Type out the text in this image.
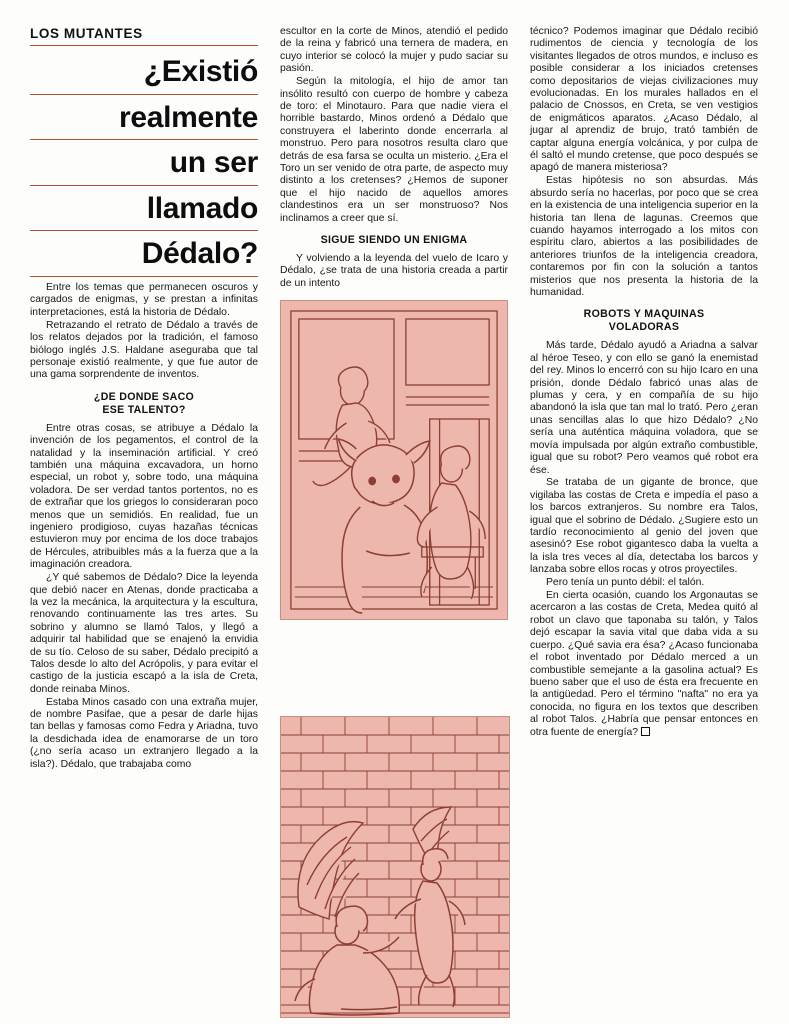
LOS MUTANTES
¿Existió
realmente
un ser
llamado
Dédalo?

Entre los temas que permanecen oscuros y cargados de enigmas, y se prestan a infinitas interpretaciones, está la historia de Dédalo.

Retrazando el retrato de Dédalo a través de los relatos dejados por la tradición, el famoso biólogo inglés J.S. Haldane aseguraba que tal personaje existió realmente, y que fue autor de una gama sorprendente de inventos.

¿DE DONDE SACO
ESE TALENTO?

Entre otras cosas, se atribuye a Dédalo la invención de los pegamentos, el control de la natalidad y la inseminación artificial. Y creó también una máquina excavadora, un horno especial, un robot y, sobre todo, una máquina voladora. De ser verdad tantos portentos, no es de extrañar que los griegos lo consideraran poco menos que un semidiós. En realidad, fue un ingeniero prodigioso, cuyas hazañas técnicas estuvieron muy por encima de los doce trabajos de Hércules, atribuibles más a la fuerza que a la imaginación creadora.

¿Y qué sabemos de Dédalo? Dice la leyenda que debió nacer en Atenas, donde practicaba a la vez la mecánica, la arquitectura y la escultura, renovando continuamente las tres artes. Su sobrino y alumno se llamó Talos, y llegó a adquirir tal habilidad que se enajenó la envidia de su tío. Celoso de su saber, Dédalo precipitó a Talos desde lo alto del Acrópolis, y para evitar el castigo de la justicia escapó a la isla de Creta, donde reinaba Minos.

Estaba Minos casado con una extraña mujer, de nombre Pasifae, que a pesar de darle hijas tan bellas y famosas como Fedra y Ariadna, tuvo la desdichada idea de enamorarse de un toro (¿no sería acaso un extranjero llegado a la isla?). Dédalo, que trabajaba como

escultor en la corte de Minos, atendió el pedido de la reina y fabricó una ternera de madera, en cuyo interior se colocó la mujer y pudo saciar su pasión.

Según la mitología, el hijo de amor tan insólito resultó con cuerpo de hombre y cabeza de toro: el Minotauro. Para que nadie viera el horrible bastardo, Minos ordenó a Dédalo que construyera el laberinto donde encerrarla al monstruo. Pero para nosotros resulta claro que detrás de esa farsa se oculta un misterio. ¿Era el Toro un ser venido de otra parte, de aspecto muy distinto a los cretenses? ¿Hemos de suponer que el hijo nacido de aquellos amores clandestinos era un ser monstruoso? Nos inclinamos a creer que sí.

SIGUE SIENDO UN ENIGMA

Y volviendo a la leyenda del vuelo de Icaro y Dédalo, ¿se trata de una historia creada a partir de un intento

técnico? Podemos imaginar que Dédalo recibió rudimentos de ciencia y tecnología de los visitantes llegados de otros mundos, e incluso es posible considerar a los iniciados cretenses como depositarios de viejas civilizaciones muy evolucionadas. En los murales hallados en el palacio de Cnossos, en Creta, se ven vestigios de enigmáticos aparatos. ¿Acaso Dédalo, al jugar al aprendiz de brujo, trató también de captar alguna energía volcánica, y por culpa de él saltó el mundo cretense, que poco después se apagó de manera misteriosa?

Estas hipótesis no son absurdas. Más absurdo sería no hacerlas, por poco que se crea en la existencia de una inteligencia superior en la historia tan llena de lagunas. Creemos que cuando hayamos interrogado a los mitos con espíritu claro, abiertos a las posibilidades de anteriores triunfos de la inteligencia creadora, contaremos por fin con la solución a tantos misterios que nos presenta la historia de la humanidad.

ROBOTS Y MAQUINAS
VOLADORAS

Más tarde, Dédalo ayudó a Ariadna a salvar al héroe Teseo, y con ello se ganó la enemistad del rey. Minos lo encerró con su hijo Icaro en una prisión, donde Dédalo fabricó unas alas de plumas y cera, y en compañía de su hijo abandonó la isla que tan mal lo trató. Pero ¿eran unas sencillas alas lo que hizo Dédalo? ¿No sería una auténtica máquina voladora, que se movía impulsada por algún extraño combustible, igual que su robot? Pero veamos qué robot era ése.

Se trataba de un gigante de bronce, que vigilaba las costas de Creta e impedía el paso a los barcos extranjeros. Su nombre era Talos, igual que el sobrino de Dédalo. ¿Sugiere esto un tardío reconocimiento al genio del joven que asesinó? Ese robot gigantesco daba la vuelta a la isla tres veces al día, detectaba los barcos y lanzaba sobre ellos rocas y otros proyectiles.

Pero tenía un punto débil: el talón.

En cierta ocasión, cuando los Argonautas se acercaron a las costas de Creta, Medea quitó al robot un clavo que taponaba su talón, y Talos dejó escapar la savia vital que daba vida a su cuerpo. ¿Qué savia era ésa? ¿Acaso funcionaba el robot inventado por Dédalo merced a un combustible semejante a la gasolina actual? Es bueno saber que el uso de ésta era frecuente en la antigüedad. Pero el término "nafta" no era ya conocida, no figura en los textos que describen al robot Talos. ¿Habría que pensar entonces en otra fuente de energía?
